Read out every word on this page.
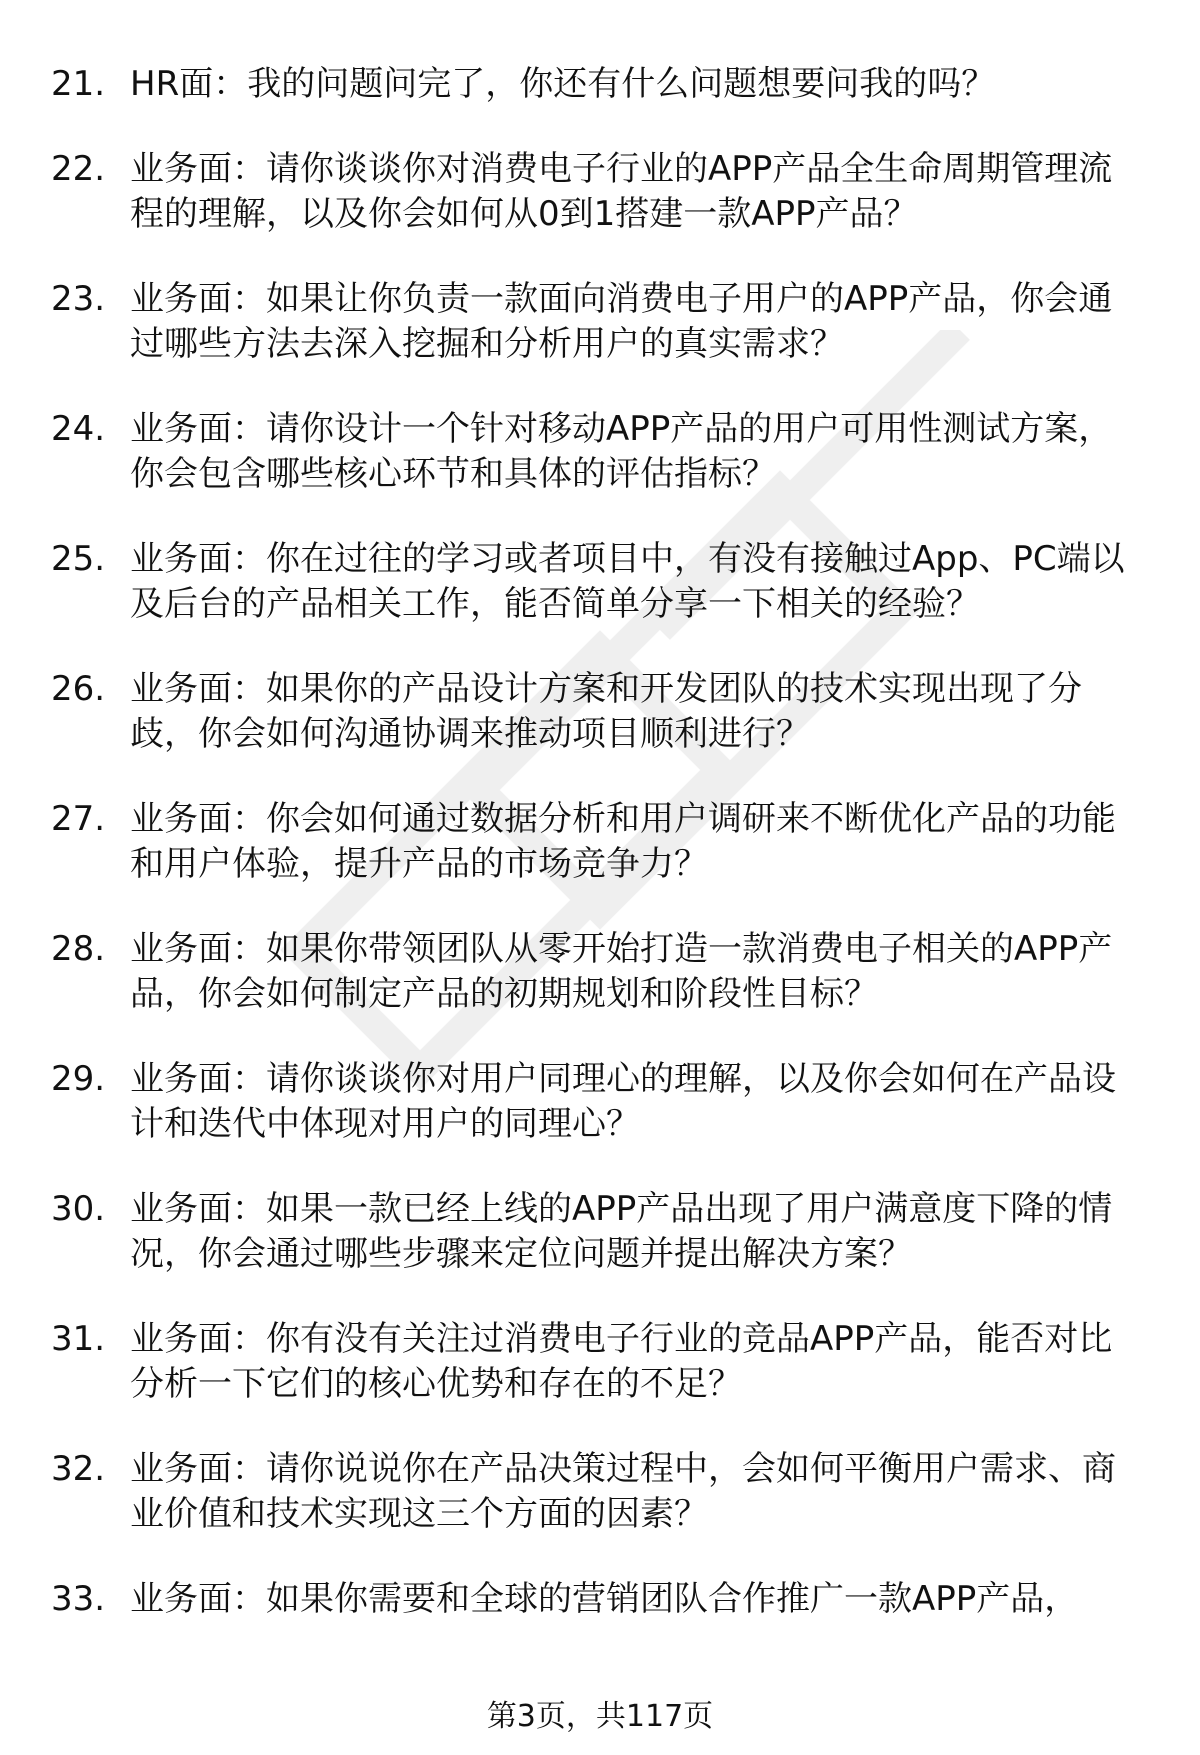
21. HR面：我的问题问完了，你还有什么问题想要问我的吗？
22. 业务面：请你谈谈你对消费电子行业的APP产品全生命周期管理流程的理解，以及你会如何从0到1搭建一款APP产品？
23. 业务面：如果让你负责一款面向消费电子用户的APP产品，你会通过哪些方法去深入挖掘和分析用户的真实需求？
24. 业务面：请你设计一个针对移动APP产品的用户可用性测试方案，你会包含哪些核心环节和具体的评估指标？
25. 业务面：你在过往的学习或者项目中，有没有接触过App、PC端以及后台的产品相关工作，能否简单分享一下相关的经验？
26. 业务面：如果你的产品设计方案和开发团队的技术实现出现了分歧，你会如何沟通协调来推动项目顺利进行？
27. 业务面：你会如何通过数据分析和用户调研来不断优化产品的功能和用户体验，提升产品的市场竞争力？
28. 业务面：如果你带领团队从零开始打造一款消费电子相关的APP产品，你会如何制定产品的初期规划和阶段性目标？
29. 业务面：请你谈谈你对用户同理心的理解，以及你会如何在产品设计和迭代中体现对用户的同理心？
30. 业务面：如果一款已经上线的APP产品出现了用户满意度下降的情况，你会通过哪些步骤来定位问题并提出解决方案？
31. 业务面：你有没有关注过消费电子行业的竞品APP产品，能否对比分析一下它们的核心优势和存在的不足？
32. 业务面：请你说说你在产品决策过程中，会如何平衡用户需求、商业价值和技术实现这三个方面的因素？
33. 业务面：如果你需要和全球的营销团队合作推广一款APP产品，
第3页，共117页
